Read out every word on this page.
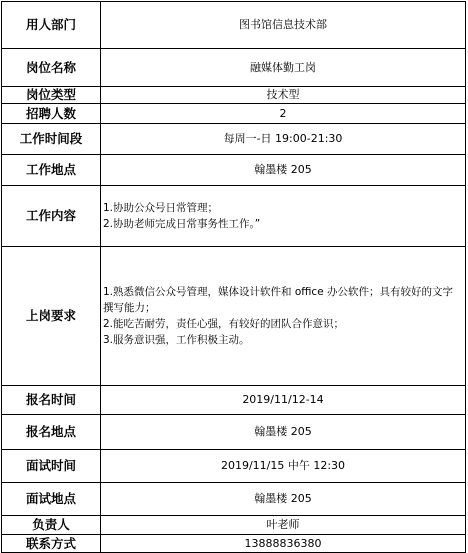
用人部门	图书馆信息技术部
岗位名称	融媒体勤工岗
岗位类型	技术型
招聘人数	2
工作时间段	每周一-日 19:00-21:30
工作地点	翰墨楼 205
工作内容	1.协助公众号日常管理；
2.协助老师完成日常事务性工作。”

上岗要求	1.熟悉微信公众号管理，媒体设计软件和 office 办公软件；具有较好的文字撰写能力；
2.能吃苦耐劳，责任心强，有较好的团队合作意识；
3.服务意识强，工作积极主动。

报名时间	2019/11/12-14
报名地点	翰墨楼 205
面试时间	2019/11/15 中午 12:30
面试地点	翰墨楼 205
负责人	叶老师
联系方式	13888836380
